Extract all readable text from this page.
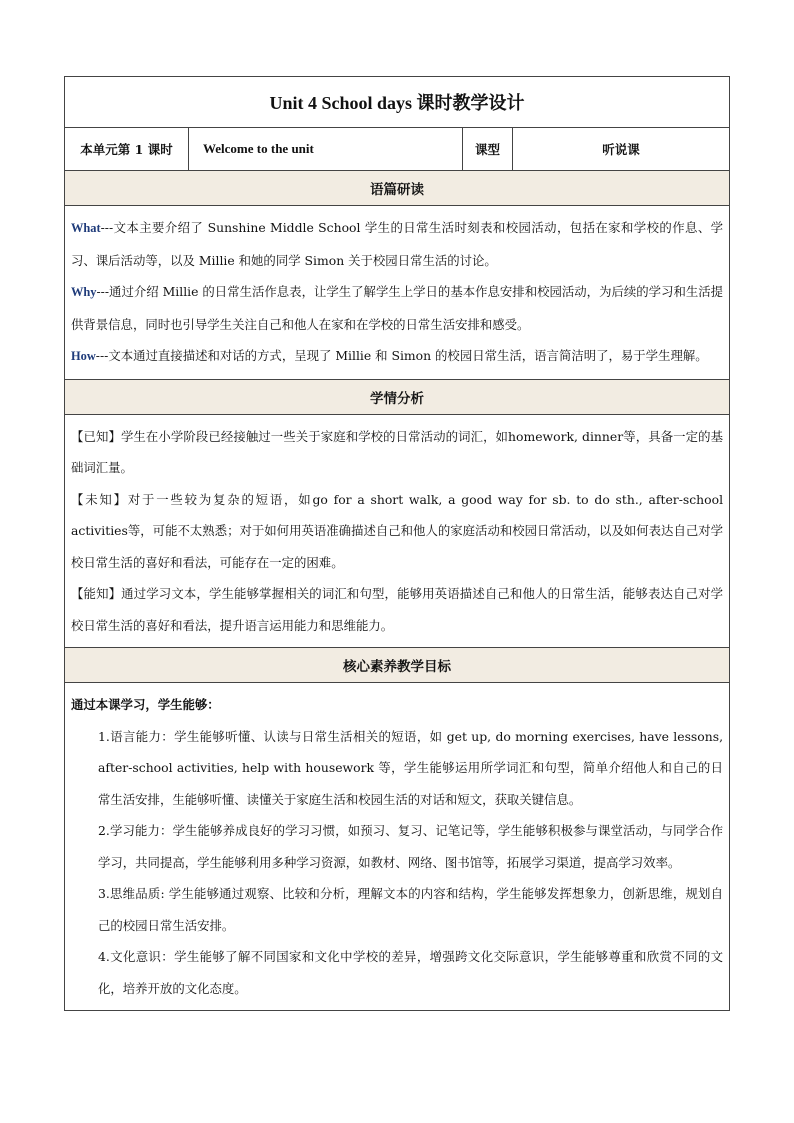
Unit 4 School days 课时教学设计
本单元第 1 课时	Welcome to the unit	课型	听说课
语篇研读

What---文本主要介绍了 Sunshine Middle School 学生的日常生活时刻表和校园活动，包括在家和学校的作息、学习、课后活动等，以及 Millie 和她的同学 Simon 关于校园日常生活的讨论。

Why---通过介绍 Millie 的日常生活作息表，让学生了解学生上学日的基本作息安排和校园活动，为后续的学习和生活提供背景信息，同时也引导学生关注自己和他人在家和在学校的日常生活安排和感受。

How---文本通过直接描述和对话的方式，呈现了 Millie 和 Simon 的校园日常生活，语言简洁明了，易于学生理解。

学情分析

【已知】学生在小学阶段已经接触过一些关于家庭和学校的日常活动的词汇，如homework, dinner等，具备一定的基础词汇量。

【未知】对于一些较为复杂的短语，如go for a short walk, a good way for sb. to do sth., after-school activities等，可能不太熟悉；对于如何用英语准确描述自己和他人的家庭活动和校园日常活动，以及如何表达自己对学校日常生活的喜好和看法，可能存在一定的困难。

【能知】通过学习文本，学生能够掌握相关的词汇和句型，能够用英语描述自己和他人的日常生活，能够表达自己对学校日常生活的喜好和看法，提升语言运用能力和思维能力。

核心素养教学目标

通过本课学习，学生能够：

1.语言能力：学生能够听懂、认读与日常生活相关的短语，如 get up, do morning exercises, have lessons, after-school activities, help with housework 等，学生能够运用所学词汇和句型，简单介绍他人和自己的日常生活安排，生能够听懂、读懂关于家庭生活和校园生活的对话和短文，获取关键信息。

2.学习能力：学生能够养成良好的学习习惯，如预习、复习、记笔记等，学生能够积极参与课堂活动，与同学合作学习，共同提高，学生能够利用多种学习资源，如教材、网络、图书馆等，拓展学习渠道，提高学习效率。

3.思维品质: 学生能够通过观察、比较和分析，理解文本的内容和结构，学生能够发挥想象力，创新思维，规划自己的校园日常生活安排。

4.文化意识：学生能够了解不同国家和文化中学校的差异，增强跨文化交际意识，学生能够尊重和欣赏不同的文化，培养开放的文化态度。
